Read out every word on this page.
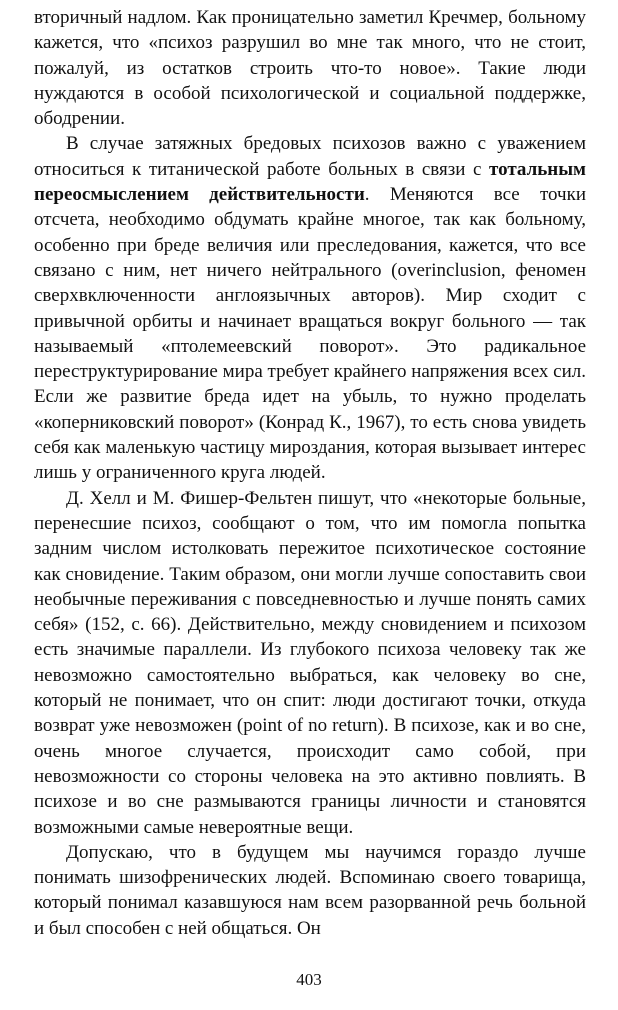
вторичный надлом. Как проницательно заметил Кречмер, больному кажется, что «психоз разрушил во мне так много, что не стоит, пожалуй, из остатков строить что-то новое». Такие люди нуждаются в особой психологической и социальной поддержке, ободрении.

В случае затяжных бредовых психозов важно с уважением относиться к титанической работе больных в связи с тотальным переосмыслением действительности. Меняются все точки отсчета, необходимо обдумать крайне многое, так как больному, особенно при бреде величия или преследования, кажется, что все связано с ним, нет ничего нейтрального (overinclusion, феномен сверхвключенности англоязычных авторов). Мир сходит с привычной орбиты и начинает вращаться вокруг больного — так называемый «птолемеевский поворот». Это радикальное переструктурирование мира требует крайнего напряжения всех сил. Если же развитие бреда идет на убыль, то нужно проделать «коперниковский поворот» (Конрад К., 1967), то есть снова увидеть себя как маленькую частицу мироздания, которая вызывает интерес лишь у ограниченного круга людей.

Д. Хелл и М. Фишер-Фельтен пишут, что «некоторые больные, перенесшие психоз, сообщают о том, что им помогла попытка задним числом истолковать пережитое психотическое состояние как сновидение. Таким образом, они могли лучше сопоставить свои необычные переживания с повседневностью и лучше понять самих себя» (152, с. 66). Действительно, между сновидением и психозом есть значимые параллели. Из глубокого психоза человеку так же невозможно самостоятельно выбраться, как человеку во сне, который не понимает, что он спит: люди достигают точки, откуда возврат уже невозможен (point of no return). В психозе, как и во сне, очень многое случается, происходит само собой, при невозможности со стороны человека на это активно повлиять. В психозе и во сне размываются границы личности и становятся возможными самые невероятные вещи.

Допускаю, что в будущем мы научимся гораздо лучше понимать шизофренических людей. Вспоминаю своего товарища, который понимал казавшуюся нам всем разорванной речь больной и был способен с ней общаться. Он

403
